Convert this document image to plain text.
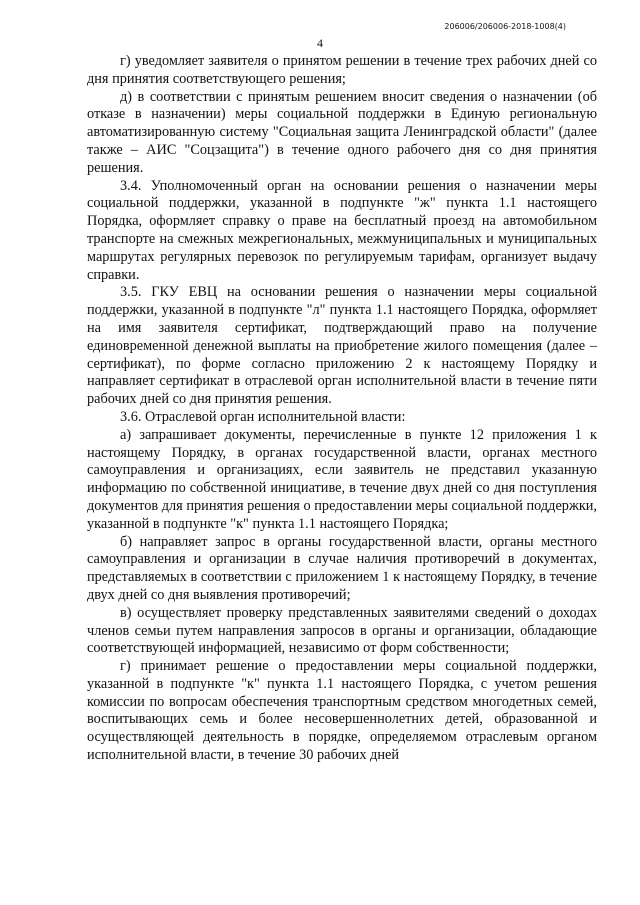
206006/206006-2018-1008(4)
4

г) уведомляет заявителя о принятом решении в течение трех рабочих дней со дня принятия соответствующего решения;

д) в соответствии с принятым решением вносит сведения о назначении (об отказе в назначении) меры социальной поддержки в Единую региональную автоматизированную систему "Социальная защита Ленинградской области" (далее также – АИС "Соцзащита") в течение одного рабочего дня со дня принятия решения.

3.4. Уполномоченный орган на основании решения о назначении меры социальной поддержки, указанной в подпункте "ж" пункта 1.1 настоящего Порядка, оформляет справку о праве на бесплатный проезд на автомобильном транспорте на смежных межрегиональных, межмуниципальных и муниципальных маршрутах регулярных перевозок по регулируемым тарифам, организует выдачу справки.

3.5. ГКУ ЕВЦ на основании решения о назначении меры социальной поддержки, указанной в подпункте "л" пункта 1.1 настоящего Порядка, оформляет на имя заявителя сертификат, подтверждающий право на получение единовременной денежной выплаты на приобретение жилого помещения (далее – сертификат), по форме согласно приложению 2 к настоящему Порядку и направляет сертификат в отраслевой орган исполнительной власти в течение пяти рабочих дней со дня принятия решения.

3.6. Отраслевой орган исполнительной власти:

а) запрашивает документы, перечисленные в пункте 12 приложения 1 к настоящему Порядку, в органах государственной власти, органах местного самоуправления и организациях, если заявитель не представил указанную информацию по собственной инициативе, в течение двух дней со дня поступления документов для принятия решения о предоставлении меры социальной поддержки, указанной в подпункте "к" пункта 1.1 настоящего Порядка;

б) направляет запрос в органы государственной власти, органы местного самоуправления и организации в случае наличия противоречий в документах, представляемых в соответствии с приложением 1 к настоящему Порядку, в течение двух дней со дня выявления противоречий;

в) осуществляет проверку представленных заявителями сведений о доходах членов семьи путем направления запросов в органы и организации, обладающие соответствующей информацией, независимо от форм собственности;

г) принимает решение о предоставлении меры социальной поддержки, указанной в подпункте "к" пункта 1.1 настоящего Порядка, с учетом решения комиссии по вопросам обеспечения транспортным средством многодетных семей, воспитывающих семь и более несовершеннолетних детей, образованной и осуществляющей деятельность в порядке, определяемом отраслевым органом исполнительной власти, в течение 30 рабочих дней
